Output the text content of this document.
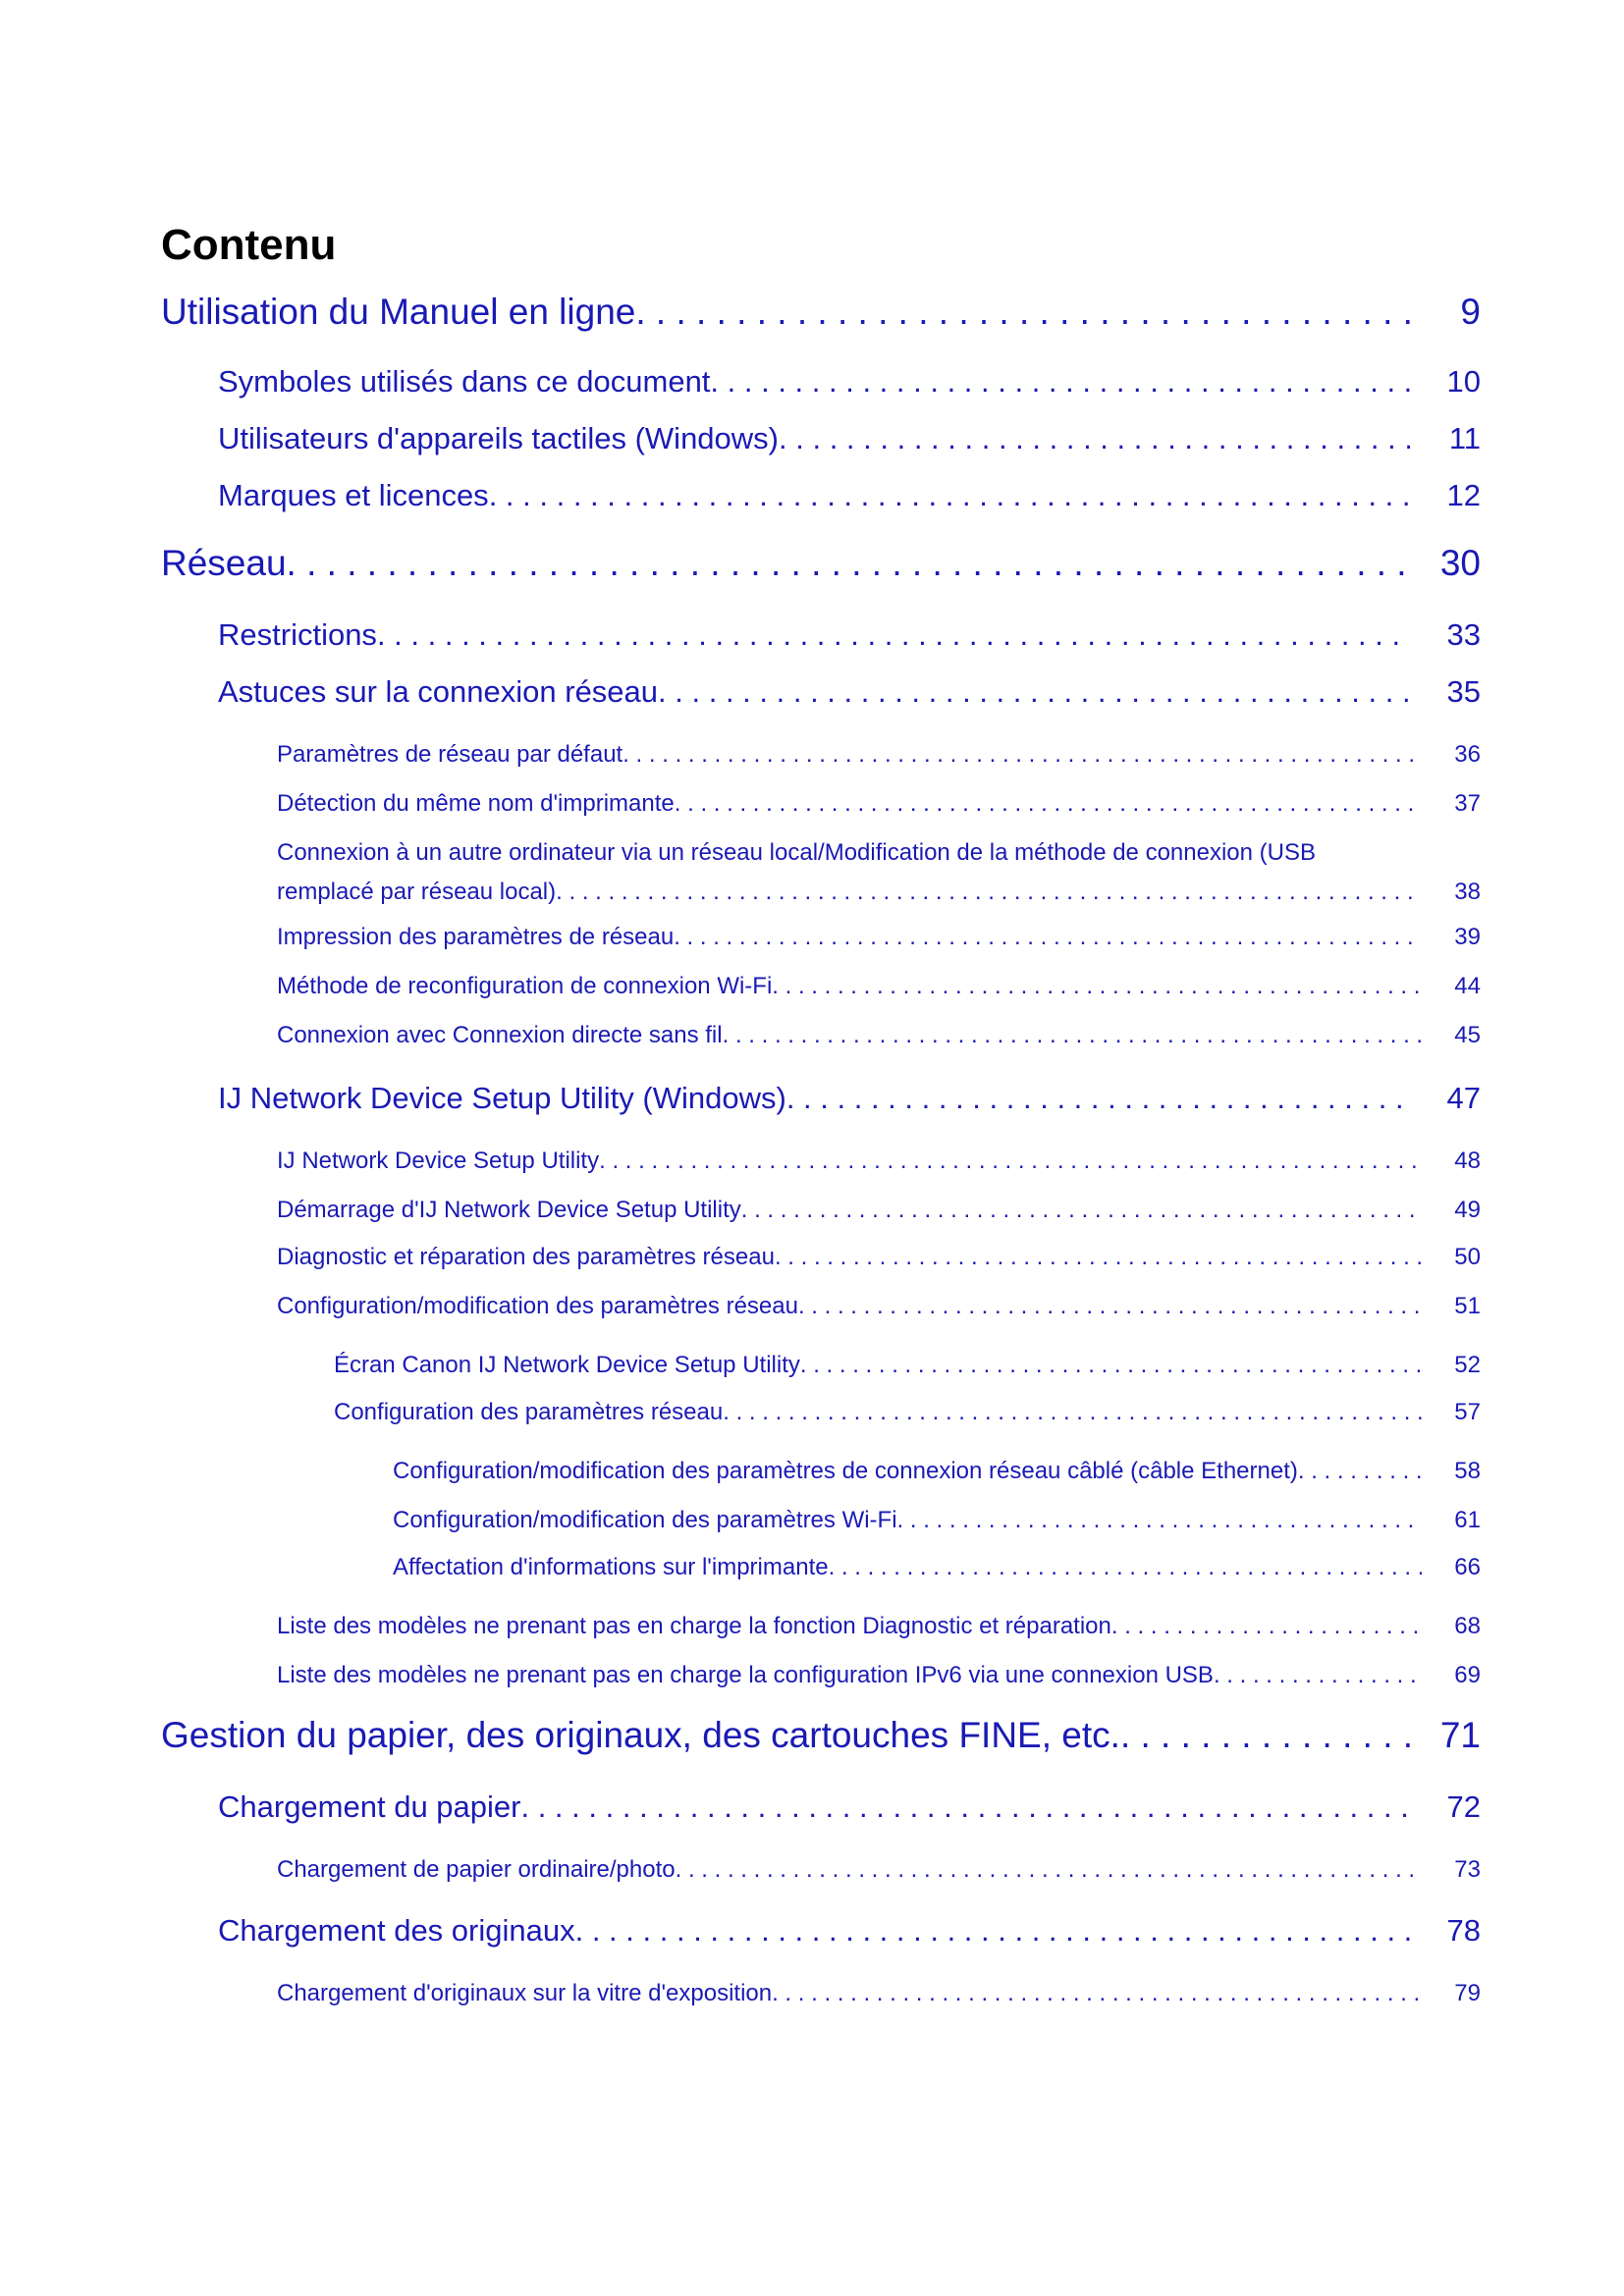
Contenu
Utilisation du Manuel en ligne . . .	9
Symboles utilisés dans ce document . . .	10
Utilisateurs d'appareils tactiles (Windows) . . .	11
Marques et licences . . .	12
Réseau . . .	30
Restrictions . . .	33
Astuces sur la connexion réseau . . .	35
Paramètres de réseau par défaut . . .	36
Détection du même nom d'imprimante . . .	37
Connexion à un autre ordinateur via un réseau local/Modification de la méthode de connexion (USB
remplacé par réseau local) . . .	38
Impression des paramètres de réseau . . .	39
Méthode de reconfiguration de connexion Wi-Fi . . .	44
Connexion avec Connexion directe sans fil . . .	45
IJ Network Device Setup Utility (Windows) . . .	47
IJ Network Device Setup Utility . . .	48
Démarrage d'IJ Network Device Setup Utility . . .	49
Diagnostic et réparation des paramètres réseau . . .	50
Configuration/modification des paramètres réseau . . .	51
Écran Canon IJ Network Device Setup Utility . . .	52
Configuration des paramètres réseau . . .	57
Configuration/modification des paramètres de connexion réseau câblé (câble Ethernet) . . .	58
Configuration/modification des paramètres Wi-Fi . . .	61
Affectation d'informations sur l'imprimante . . .	66
Liste des modèles ne prenant pas en charge la fonction Diagnostic et réparation . . .	68
Liste des modèles ne prenant pas en charge la configuration IPv6 via une connexion USB . . .	69
Gestion du papier, des originaux, des cartouches FINE, etc. . . .	71
Chargement du papier . . .	72
Chargement de papier ordinaire/photo . . .	73
Chargement des originaux . . .	78
Chargement d'originaux sur la vitre d'exposition . . .	79
